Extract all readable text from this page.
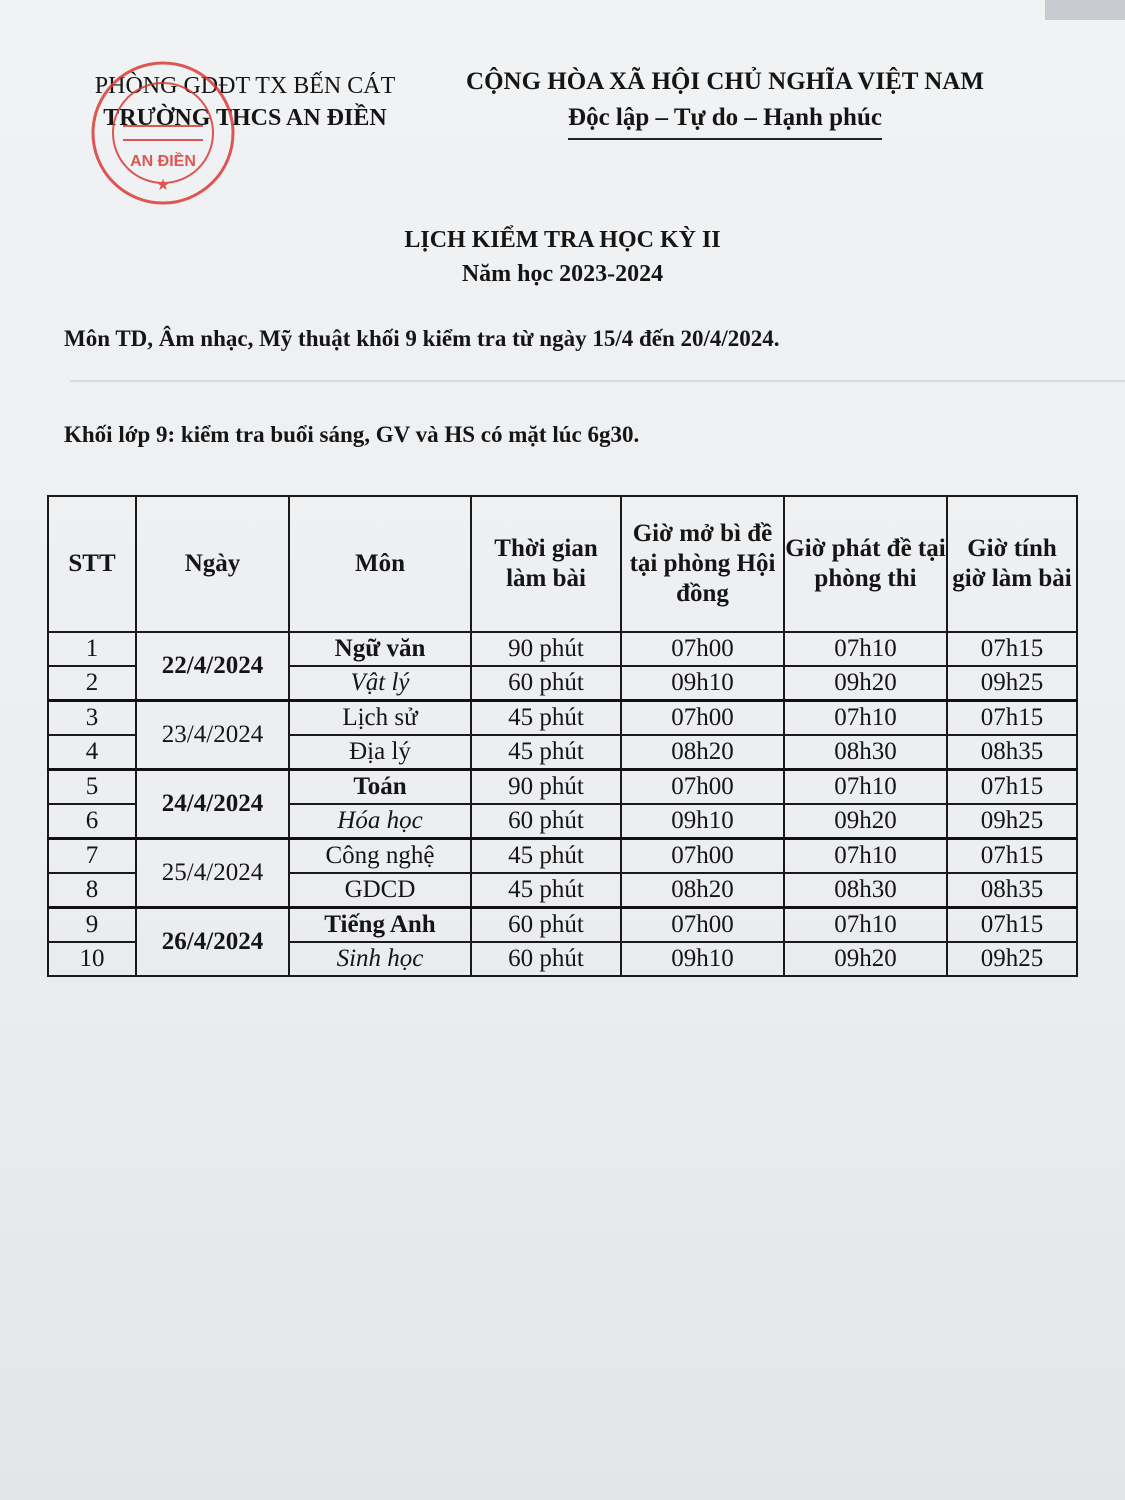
PHÒNG GDĐT TX BẾN CÁT
TRƯỜNG THCS AN ĐIỀN
AN ĐIỀN
★
CỘNG HÒA XÃ HỘI CHỦ NGHĨA VIỆT NAM
Độc lập – Tự do – Hạnh phúc
LỊCH KIỂM TRA HỌC KỲ II
Năm học 2023-2024
Môn TD, Âm nhạc, Mỹ thuật khối 9 kiểm tra từ ngày 15/4 đến 20/4/2024.
Khối lớp 9: kiểm tra buổi sáng, GV và HS có mặt lúc 6g30.
STT	Ngày	Môn	Thời gian làm bài	Giờ mở bì đề tại phòng Hội đồng	Giờ phát đề tại phòng thi	Giờ tính giờ làm bài
1	22/4/2024	Ngữ văn	90 phút	07h00	07h10	07h15
2		Vật lý	60 phút	09h10	09h20	09h25
3	23/4/2024	Lịch sử	45 phút	07h00	07h10	07h15
4		Địa lý	45 phút	08h20	08h30	08h35
5	24/4/2024	Toán	90 phút	07h00	07h10	07h15
6		Hóa học	60 phút	09h10	09h20	09h25
7	25/4/2024	Công nghệ	45 phút	07h00	07h10	07h15
8		GDCD	45 phút	08h20	08h30	08h35
9	26/4/2024	Tiếng Anh	60 phút	07h00	07h10	07h15
10		Sinh học	60 phút	09h10	09h20	09h25
